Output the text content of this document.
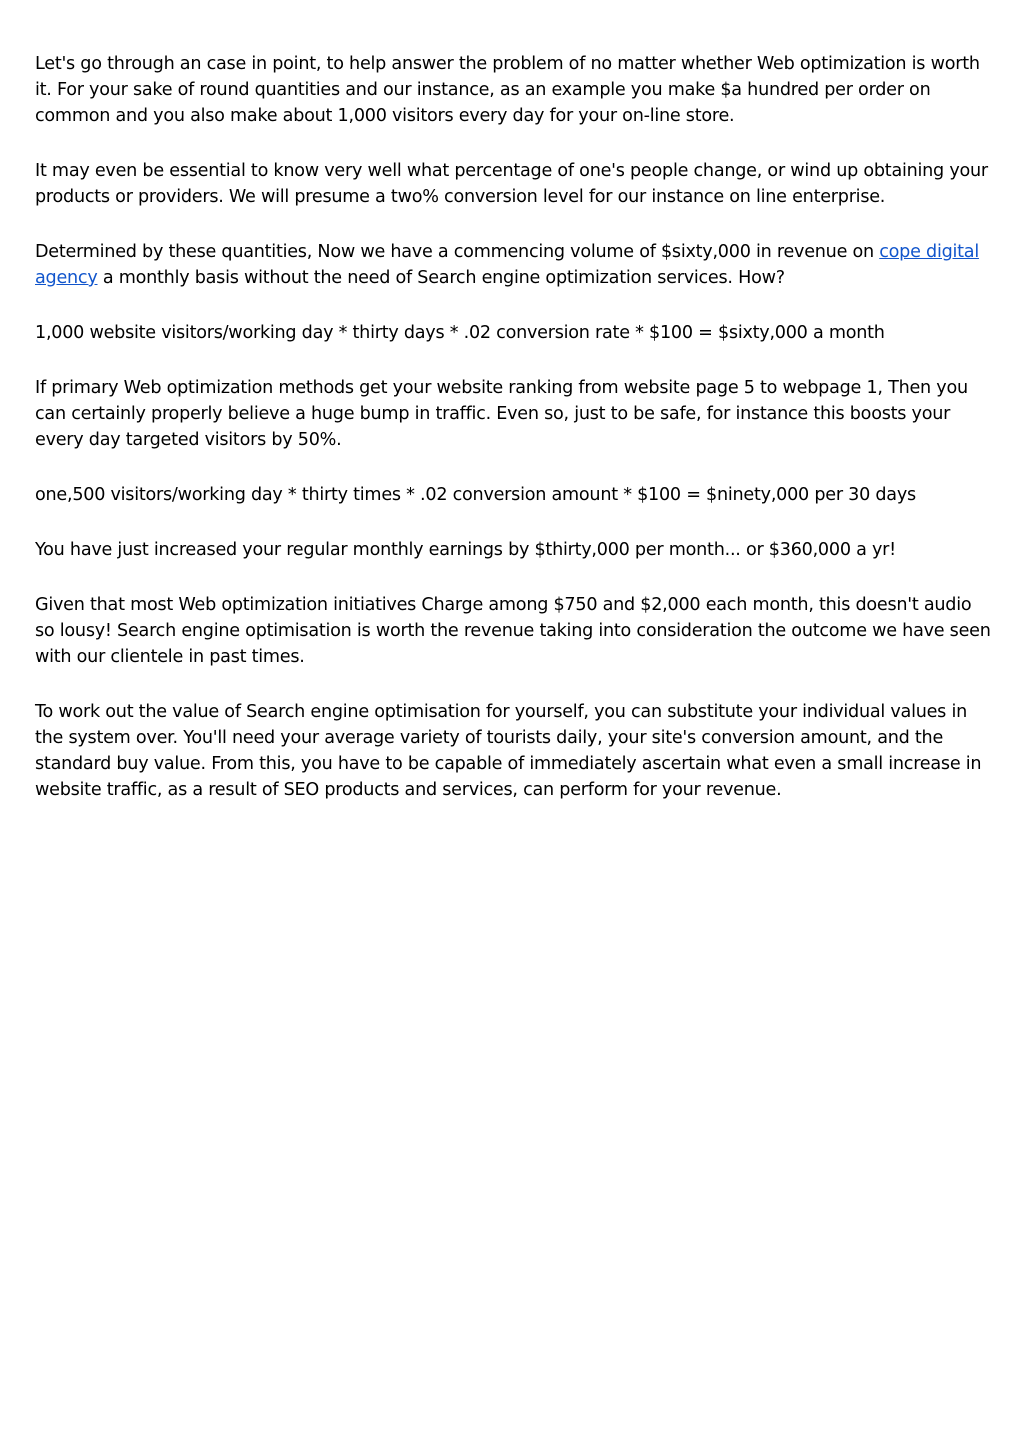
Let's go through an case in point, to help answer the problem of no matter whether Web optimization is worth it. For your sake of round quantities and our instance, as an example you make $a hundred per order on common and you also make about 1,000 visitors every day for your on-line store.

It may even be essential to know very well what percentage of one's people change, or wind up obtaining your products or providers. We will presume a two% conversion level for our instance on line enterprise.

Determined by these quantities, Now we have a commencing volume of $sixty,000 in revenue on cope digital agency a monthly basis without the need of Search engine optimization services. How?

1,000 website visitors/working day * thirty days * .02 conversion rate * $100 = $sixty,000 a month

If primary Web optimization methods get your website ranking from website page 5 to webpage 1, Then you can certainly properly believe a huge bump in traffic. Even so, just to be safe, for instance this boosts your every day targeted visitors by 50%.

one,500 visitors/working day * thirty times * .02 conversion amount * $100 = $ninety,000 per 30 days

You have just increased your regular monthly earnings by $thirty,000 per month... or $360,000 a yr!

Given that most Web optimization initiatives Charge among $750 and $2,000 each month, this doesn't audio so lousy! Search engine optimisation is worth the revenue taking into consideration the outcome we have seen with our clientele in past times.

To work out the value of Search engine optimisation for yourself, you can substitute your individual values in the system over. You'll need your average variety of tourists daily, your site's conversion amount, and the standard buy value. From this, you have to be capable of immediately ascertain what even a small increase in website traffic, as a result of SEO products and services, can perform for your revenue.
